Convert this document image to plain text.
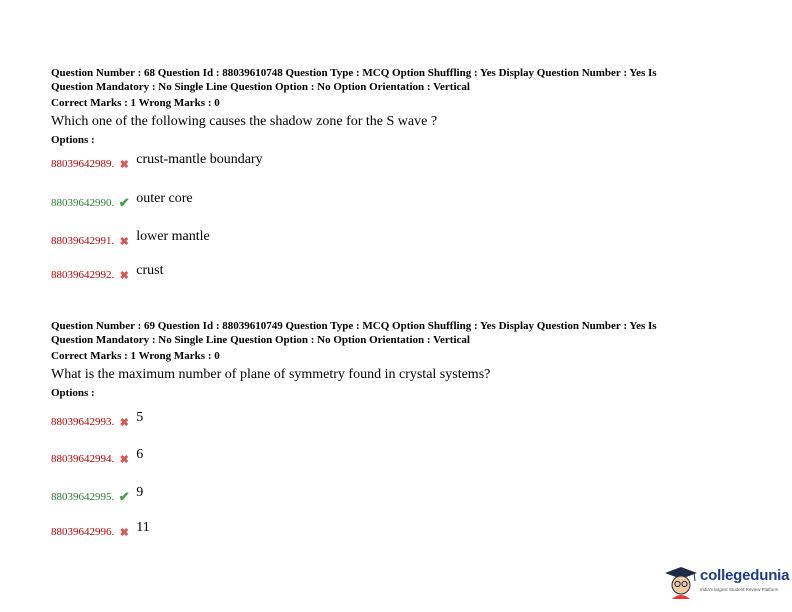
Question Number : 68 Question Id : 88039610748 Question Type : MCQ Option Shuffling : Yes Display Question Number : Yes Is
Question Mandatory : No Single Line Question Option : No Option Orientation : Vertical
Correct Marks : 1 Wrong Marks : 0
Which one of the following causes the shadow zone for the S wave ?
Options :
88039642989. ✖ crust-mantle boundary
88039642990. ✔ outer core
88039642991. ✖ lower mantle
88039642992. ✖ crust
Question Number : 69 Question Id : 88039610749 Question Type : MCQ Option Shuffling : Yes Display Question Number : Yes Is
Question Mandatory : No Single Line Question Option : No Option Orientation : Vertical
Correct Marks : 1 Wrong Marks : 0
What is the maximum number of plane of symmetry found in crystal systems?
Options :
88039642993. ✖ 5
88039642994. ✖ 6
88039642995. ✔ 9
88039642996. ✖ 11
collegedunia
India's largest Student Review Platform
